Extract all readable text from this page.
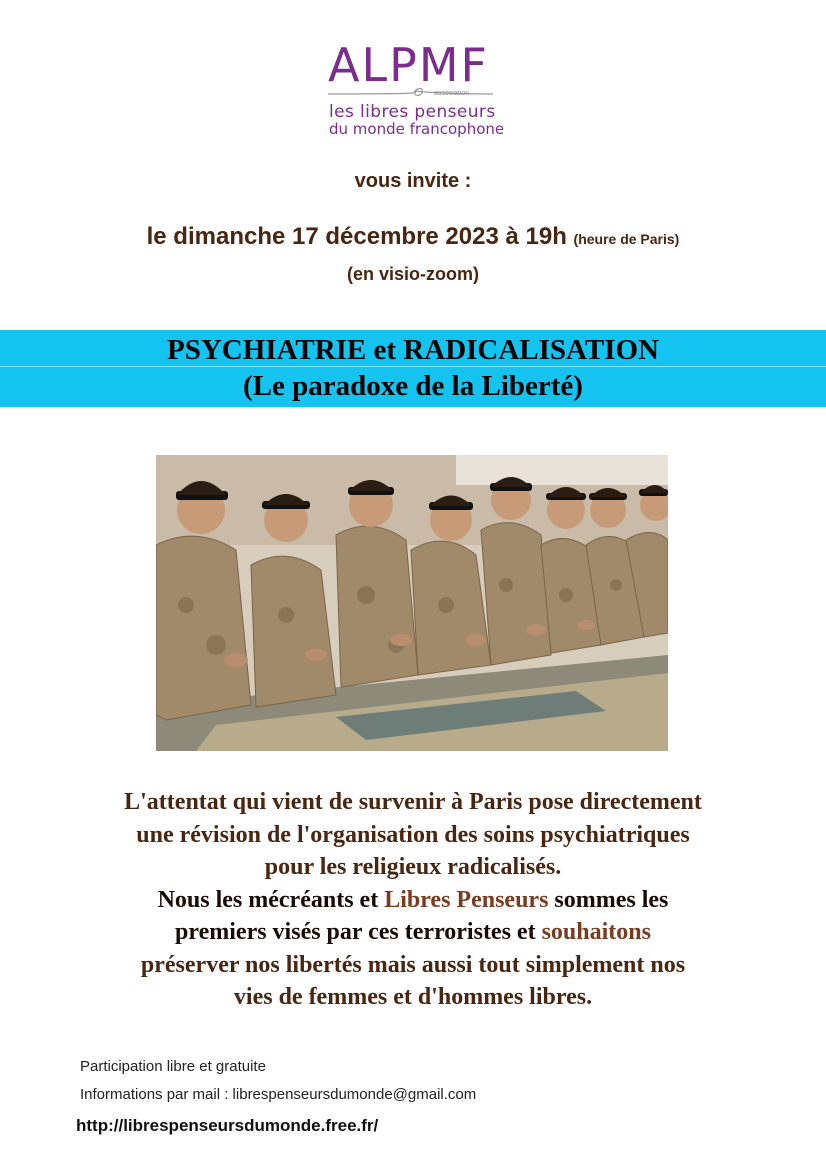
ALPMF
association
les libres penseurs
du monde francophone
vous invite :
le dimanche 17 décembre 2023 à 19h (heure de Paris)
(en visio-zoom)
PSYCHIATRIE et RADICALISATION
(Le paradoxe de la Liberté)
L'attentat qui vient de survenir à Paris pose directement
une révision de l'organisation des soins psychiatriques
pour les religieux radicalisés.
Nous les mécréants et Libres Penseurs sommes les
premiers visés par ces terroristes et souhaitons
préserver nos libertés mais aussi tout simplement nos
vies de femmes et d'hommes libres.
Participation libre et gratuite
Informations par mail : librespenseursdumonde@gmail.com
http://librespenseursdumonde.free.fr/
